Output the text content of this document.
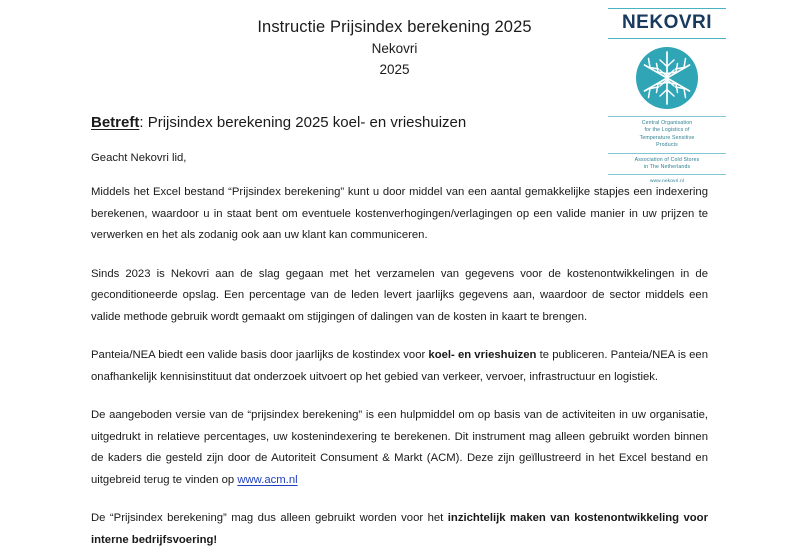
Instructie Prijsindex berekening 2025
Nekovri
2025
NEKOVRI
Central Organisation
for the Logistics of
Temperature Sensitive
Products
Association of Cold Stores
in The Netherlands
www.nekovri.nl
Betreft: Prijsindex berekening 2025 koel- en vrieshuizen
Geacht Nekovri lid,

Middels het Excel bestand “Prijsindex berekening” kunt u door middel van een aantal gemakkelijke stapjes een indexering berekenen, waardoor u in staat bent om eventuele kostenverhogingen/verlagingen op een valide manier in uw prijzen te verwerken en het als zodanig ook aan uw klant kan communiceren.

Sinds 2023 is Nekovri aan de slag gegaan met het verzamelen van gegevens voor de kostenontwikkelingen in de geconditioneerde opslag. Een percentage van de leden levert jaarlijks gegevens aan, waardoor de sector middels een valide methode gebruik wordt gemaakt om stijgingen of dalingen van de kosten in kaart te brengen.

Panteia/NEA biedt een valide basis door jaarlijks de kostindex voor koel- en vrieshuizen te publiceren. Panteia/NEA is een onafhankelijk kennisinstituut dat onderzoek uitvoert op het gebied van verkeer, vervoer, infrastructuur en logistiek.

De aangeboden versie van de “prijsindex berekening” is een hulpmiddel om op basis van de activiteiten in uw organisatie, uitgedrukt in relatieve percentages, uw kostenindexering te berekenen. Dit instrument mag alleen gebruikt worden binnen de kaders die gesteld zijn door de Autoriteit Consument & Markt (ACM). Deze zijn geïllustreerd in het Excel bestand en uitgebreid terug te vinden op www.acm.nl

De “Prijsindex berekening” mag dus alleen gebruikt worden voor het inzichtelijk maken van kostenontwikkeling voor interne bedrijfsvoering!
